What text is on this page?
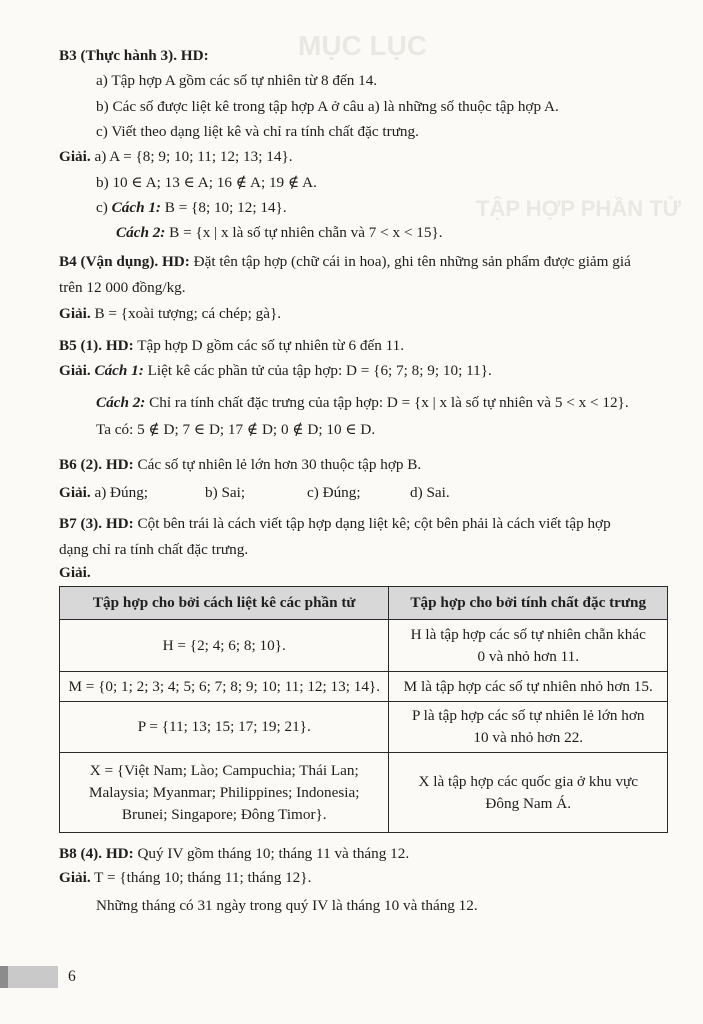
MỤC LỤC
TẬP HỢP PHẦN TỬ
B3 (Thực hành 3). HD:
a) Tập hợp A gồm các số tự nhiên từ 8 đến 14.
b) Các số được liệt kê trong tập hợp A ở câu a) là những số thuộc tập hợp A.
c) Viết theo dạng liệt kê và chỉ ra tính chất đặc trưng.
Giải. a) A = {8; 9; 10; 11; 12; 13; 14}.
b) 10 ∈ A; 13 ∈ A; 16 ∉ A; 19 ∉ A.
c) Cách 1: B = {8; 10; 12; 14}.
Cách 2: B = {x | x là số tự nhiên chẵn và 7 < x < 15}.
B4 (Vận dụng). HD: Đặt tên tập hợp (chữ cái in hoa), ghi tên những sản phẩm được giảm giá
trên 12 000 đồng/kg.
Giải. B = {xoài tượng; cá chép; gà}.
B5 (1). HD: Tập hợp D gồm các số tự nhiên từ 6 đến 11.
Giải. Cách 1: Liệt kê các phần tử của tập hợp: D = {6; 7; 8; 9; 10; 11}.
Cách 2: Chỉ ra tính chất đặc trưng của tập hợp: D = {x | x là số tự nhiên và 5 < x < 12}.
Ta có: 5 ∉ D; 7 ∈ D; 17 ∉ D; 0 ∉ D; 10 ∈ D.
B6 (2). HD: Các số tự nhiên lẻ lớn hơn 30 thuộc tập hợp B.
Giải. a) Đúng;	b) Sai;	c) Đúng;	d) Sai.
B7 (3). HD: Cột bên trái là cách viết tập hợp dạng liệt kê; cột bên phải là cách viết tập hợp
dạng chỉ ra tính chất đặc trưng.
Giải.
Tập hợp cho bởi cách liệt kê các phần tử	Tập hợp cho bởi tính chất đặc trưng
H = {2; 4; 6; 8; 10}.	H là tập hợp các số tự nhiên chẵn khác
0 và nhỏ hơn 11.
M = {0; 1; 2; 3; 4; 5; 6; 7; 8; 9; 10; 11; 12; 13; 14}.	M là tập hợp các số tự nhiên nhỏ hơn 15.
P = {11; 13; 15; 17; 19; 21}.	P là tập hợp các số tự nhiên lẻ lớn hơn
10 và nhỏ hơn 22.
X = {Việt Nam; Lào; Campuchia; Thái Lan;
Malaysia; Myanmar; Philippines; Indonesia;
Brunei; Singapore; Đông Timor}.	X là tập hợp các quốc gia ở khu vực
Đông Nam Á.
B8 (4). HD: Quý IV gồm tháng 10; tháng 11 và tháng 12.
Giải. T = {tháng 10; tháng 11; tháng 12}.
Những tháng có 31 ngày trong quý IV là tháng 10 và tháng 12.
6
